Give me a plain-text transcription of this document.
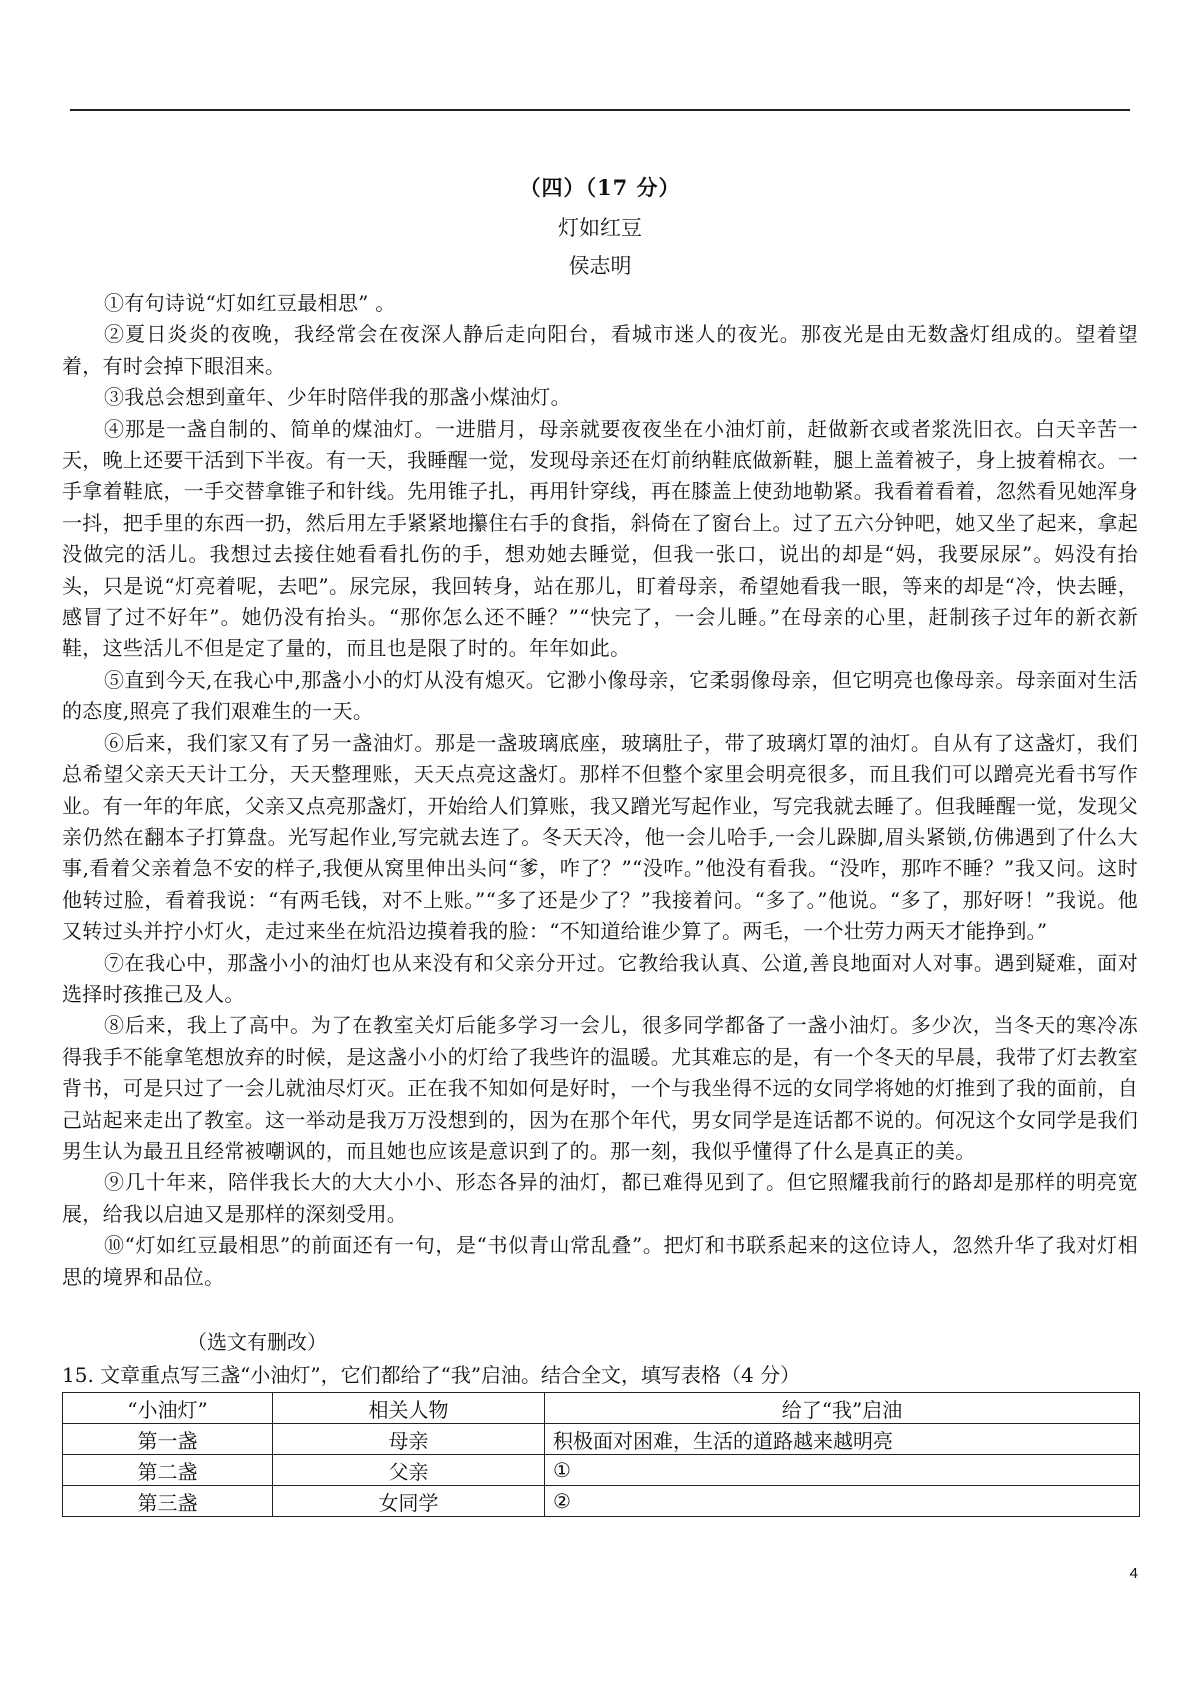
（四）（17 分）
灯如红豆
侯志明

①有句诗说“灯如红豆最相思” 。

②夏日炎炎的夜晚，我经常会在夜深人静后走向阳台，看城市迷人的夜光。那夜光是由无数盏灯组成的。望着望着，有时会掉下眼泪来。

③我总会想到童年、少年时陪伴我的那盏小煤油灯。

④那是一盏自制的、简单的煤油灯。一进腊月，母亲就要夜夜坐在小油灯前，赶做新衣或者浆洗旧衣。白天辛苦一天，晚上还要干活到下半夜。有一天，我睡醒一觉，发现母亲还在灯前纳鞋底做新鞋，腿上盖着被子，身上披着棉衣。一手拿着鞋底，一手交替拿锥子和针线。先用锥子扎，再用针穿线，再在膝盖上使劲地勒紧。我看着看着，忽然看见她浑身一抖，把手里的东西一扔，然后用左手紧紧地攥住右手的食指，斜倚在了窗台上。过了五六分钟吧，她又坐了起来，拿起没做完的活儿。我想过去接住她看看扎伤的手，想劝她去睡觉，但我一张口，说出的却是“妈，我要尿尿”。妈没有抬头，只是说“灯亮着呢，去吧”。尿完尿，我回转身，站在那儿，盯着母亲，希望她看我一眼，等来的却是“冷，快去睡，感冒了过不好年”。她仍没有抬头。“那你怎么还不睡？”“快完了，一会儿睡。”在母亲的心里，赶制孩子过年的新衣新鞋，这些活儿不但是定了量的，而且也是限了时的。年年如此。

⑤直到今天,在我心中,那盏小小的灯从没有熄灭。它渺小像母亲，它柔弱像母亲，但它明亮也像母亲。母亲面对生活的态度,照亮了我们艰难生的一天。

⑥后来，我们家又有了另一盏油灯。那是一盏玻璃底座，玻璃肚子，带了玻璃灯罩的油灯。自从有了这盏灯，我们总希望父亲天天计工分，天天整理账，天天点亮这盏灯。那样不但整个家里会明亮很多，而且我们可以蹭亮光看书写作业。有一年的年底，父亲又点亮那盏灯，开始给人们算账，我又蹭光写起作业，写完我就去睡了。但我睡醒一觉，发现父亲仍然在翻本子打算盘。光写起作业,写完就去连了。冬天天冷，他一会儿哈手,一会儿跺脚,眉头紧锁,仿佛遇到了什么大事,看着父亲着急不安的样子,我便从窝里伸出头问“爹，咋了？”“没咋。”他没有看我。“没咋，那咋不睡？”我又问。这时他转过脸，看着我说：“有两毛钱，对不上账。”“多了还是少了？”我接着问。“多了。”他说。“多了，那好呀！”我说。他又转过头并拧小灯火，走过来坐在炕沿边摸着我的脸：“不知道给谁少算了。两毛，一个壮劳力两天才能挣到。”

⑦在我心中，那盏小小的油灯也从来没有和父亲分开过。它教给我认真、公道,善良地面对人对事。遇到疑难，面对选择时孩推己及人。

⑧后来，我上了高中。为了在教室关灯后能多学习一会儿，很多同学都备了一盏小油灯。多少次，当冬天的寒冷冻得我手不能拿笔想放弃的时候，是这盏小小的灯给了我些许的温暖。尤其难忘的是，有一个冬天的早晨，我带了灯去教室背书，可是只过了一会儿就油尽灯灭。正在我不知如何是好时，一个与我坐得不远的女同学将她的灯推到了我的面前，自己站起来走出了教室。这一举动是我万万没想到的，因为在那个年代，男女同学是连话都不说的。何况这个女同学是我们男生认为最丑且经常被嘲讽的，而且她也应该是意识到了的。那一刻，我似乎懂得了什么是真正的美。

⑨几十年来，陪伴我长大的大大小小、形态各异的油灯，都已难得见到了。但它照耀我前行的路却是那样的明亮宽展，给我以启迪又是那样的深刻受用。

⑩“灯如红豆最相思”的前面还有一句，是“书似青山常乱叠”。把灯和书联系起来的这位诗人，忽然升华了我对灯相思的境界和品位。

（选文有删改）
15. 文章重点写三盏“小油灯”，它们都给了“我”启油。结合全文，填写表格（4 分）
“小油灯”	相关人物	给了“我”启油
第一盏	母亲	积极面对困难，生活的道路越来越明亮
第二盏	父亲	①
第三盏	女同学	②
4
